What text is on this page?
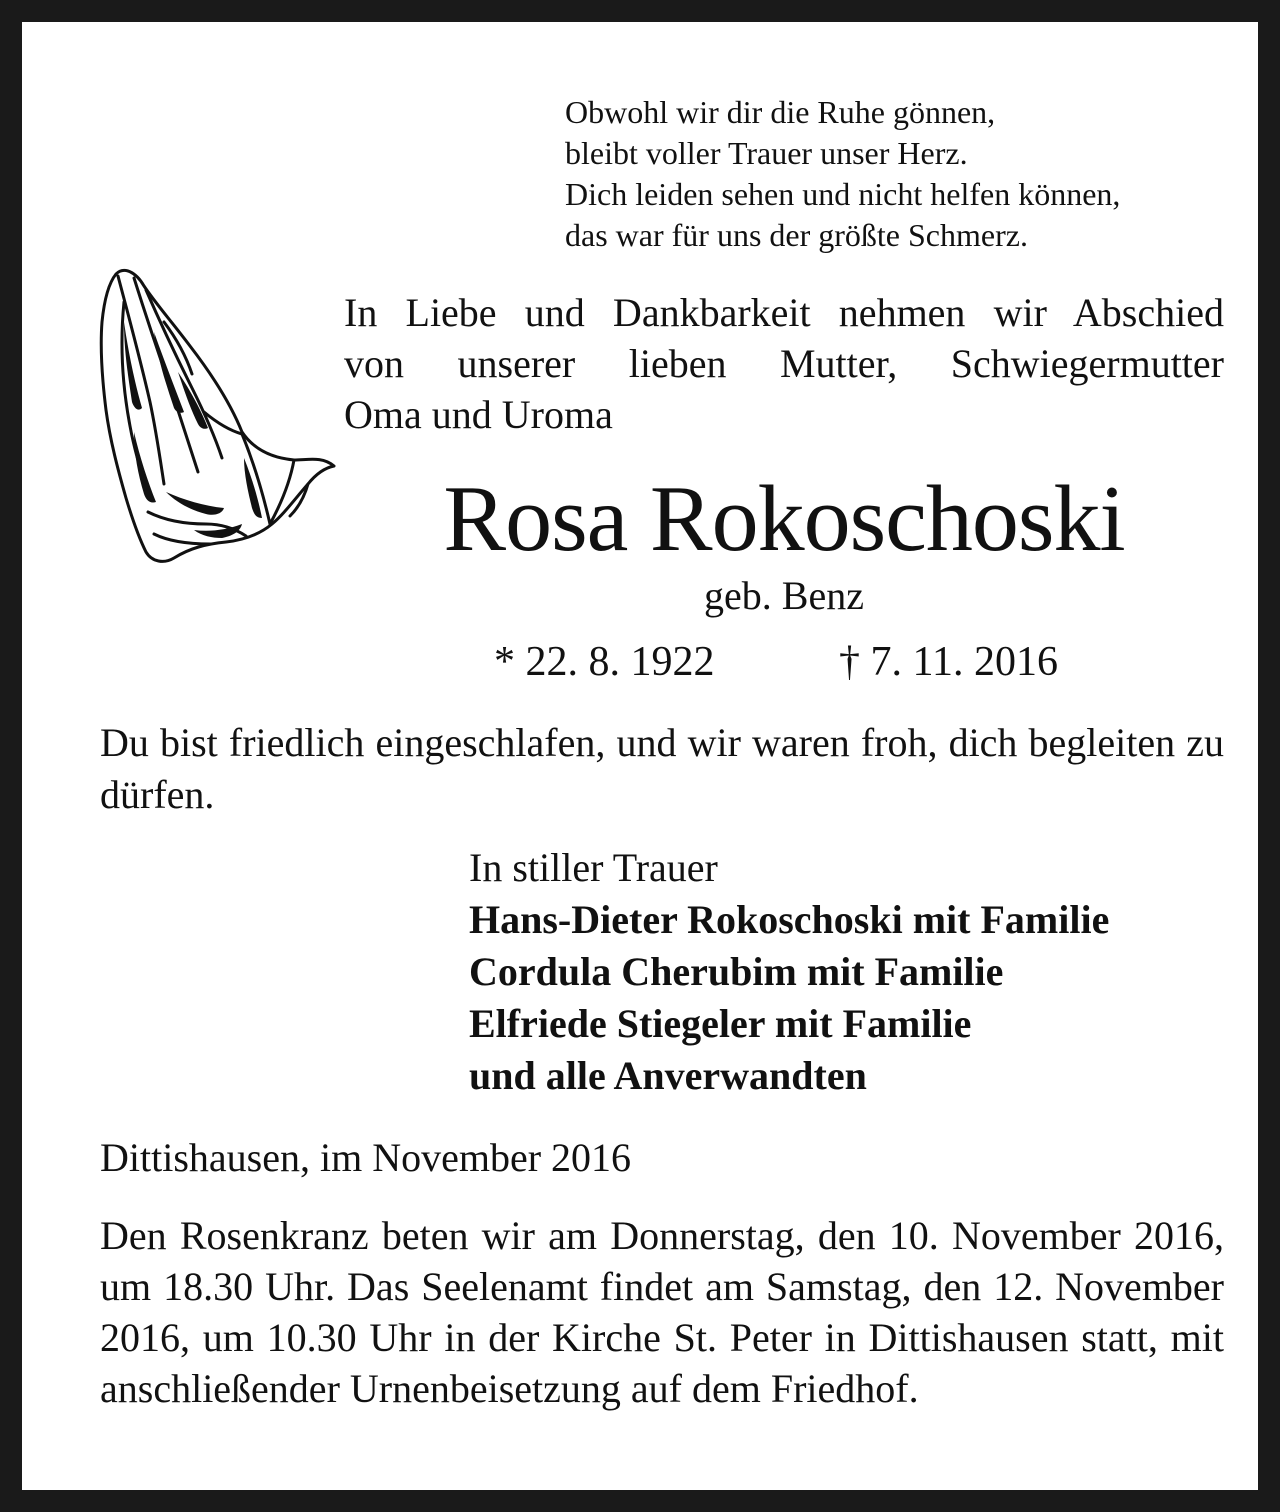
Obwohl wir dir die Ruhe gönnen,
bleibt voller Trauer unser Herz.
Dich leiden sehen und nicht helfen können,
das war für uns der größte Schmerz.
In Liebe und Dankbarkeit nehmen wir Abschied
von unserer lieben Mutter, Schwiegermutter
Oma und Uroma
Rosa Rokoschoski
geb. Benz
* 22. 8. 1922	† 7. 11. 2016
Du bist friedlich eingeschlafen, und wir waren froh, dich begleiten zu dürfen.
In stiller Trauer
Hans-Dieter Rokoschoski mit Familie
Cordula Cherubim mit Familie
Elfriede Stiegeler mit Familie
und alle Anverwandten
Dittishausen, im November 2016
Den Rosenkranz beten wir am Donnerstag, den 10. November 2016, um 18.30 Uhr. Das Seelenamt findet am Samstag, den 12. November 2016, um 10.30 Uhr in der Kirche St. Peter in Dittishausen statt, mit anschließender Urnenbeisetzung auf dem Friedhof.
